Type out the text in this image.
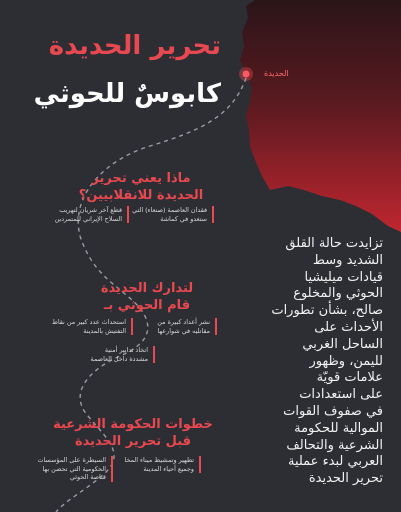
تحرير الحديدة
كابوسٌ للحوثي
الحديدة
ماذا يعني تحرير
الحديدة للانقلابيين؟
فقدان العاصمة (صنعاء) التي ستغدو في كماشة
قطع آخر شريان لتهريب السلاح الإيراني للمتمردين
لتدارك الحديدة
قام الحوثي بـ
نشر أعداد كبيرة من مقاتليه في شوارعها
استحداث عدد كبير من نقاط التفتيش بالمدينة
اتخاذ تدابير أمنية مشددة داخل العاصمة
خطوات الحكومة الشرعية
قبل تحرير الحديدة
تطهير وتمشيط ميناء المخا وجميع أحياء المدينة
السيطرة على المؤسسات الحكومية التي تحصن بها قناصة الحوثي
تزايدت حالة القلق
الشديد وسط
قيادات ميليشيا
الحوثي والمخلوع
صالح، بشأن تطورات
الأحداث على
الساحل الغربي
لليمن، وظهور
علامات قويّة
على استعدادات
في صفوف القوات
الموالية للحكومة
الشرعية والتحالف
العربي لبدء عملية
تحرير الحديدة
